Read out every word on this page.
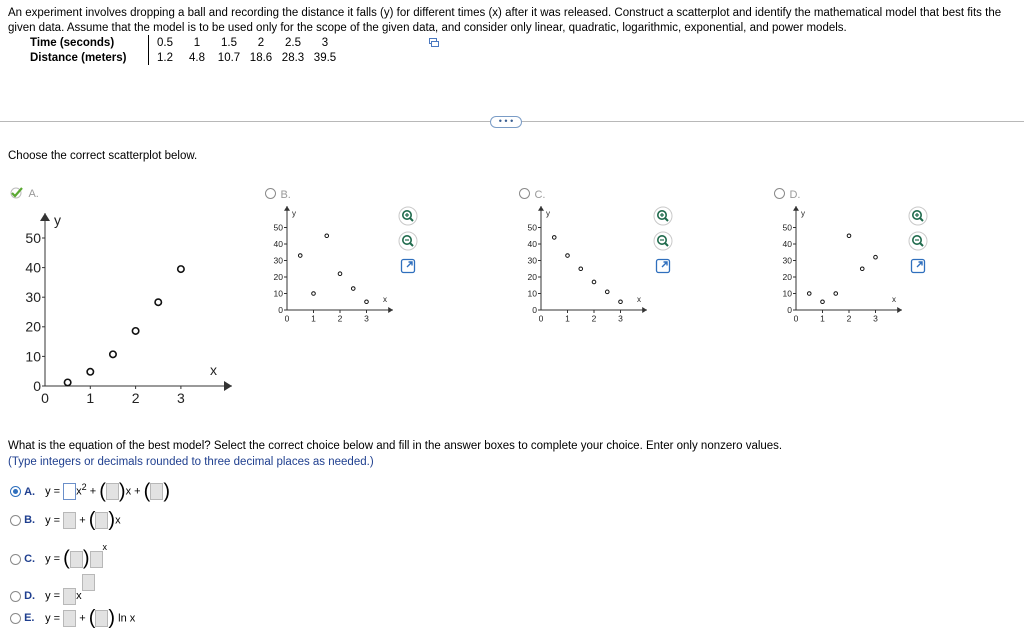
An experiment involves dropping a ball and recording the distance it falls (y) for different times (x) after it was released. Construct a scatterplot and identify the mathematical model that best fits the given data. Assume that the model is to be used only for the scope of the given data, and consider only linear, quadratic, logarithmic, exponential, and power models.
Time (seconds)	0.5	1	1.5	2	2.5	3
Distance (meters)	1.2	4.8	10.7	18.6	28.3	39.5
• • •
Choose the correct scatterplot below.
A.
50
40
30
20
10
0
0	1	2	3
x
y
B.
50
40
30
20
10
0
0	1	2	3
x
y
C.
50
40
30
20
10
0
0	1	2	3
x
y
D.
50
40
30
20
10
0
0	1	2	3
x
y
What is the equation of the best model? Select the correct choice below and fill in the answer boxes to complete your choice. Enter only nonzero values.
(Type integers or decimals rounded to three decimal places as needed.)
A. $y = x^2$ + ( )x + ( )
B. y = + ( )x
C. y = ( )$^x$
D. y = x
E. y = + ( ) ln x
